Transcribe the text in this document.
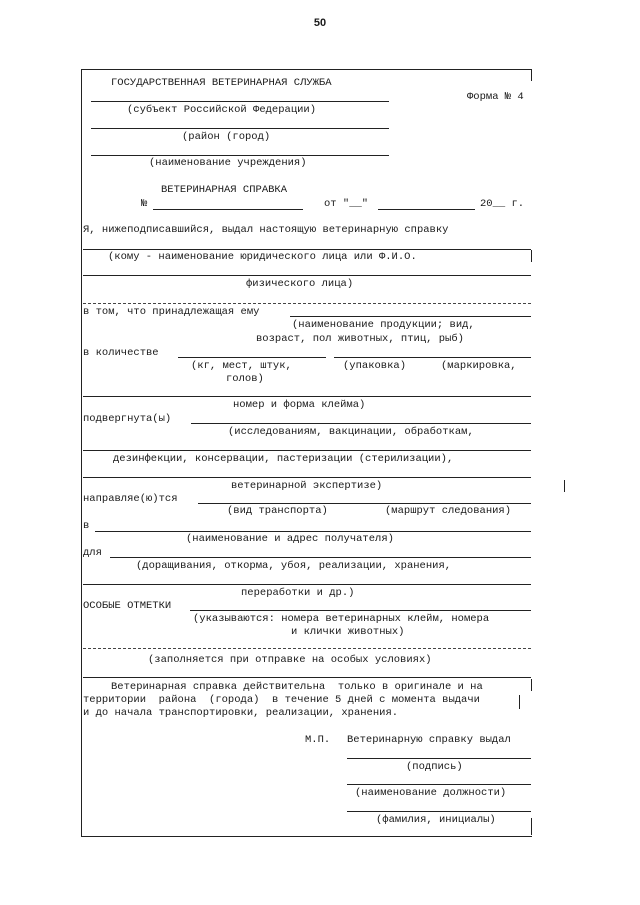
50
ГОСУДАРСТВЕННАЯ ВЕТЕРИНАРНАЯ СЛУЖБА
Форма № 4
(субъект Российской Федерации)
(район (город)
(наименование учреждения)
ВЕТЕРИНАРНАЯ СПРАВКА
№	от "__"	20__ г.
Я, нижеподписавшийся, выдал настоящую ветеринарную справку
(кому - наименование юридического лица или Ф.И.О.
физического лица)
в том, что принадлежащая ему
(наименование продукции; вид,
возраст, пол животных, птиц, рыб)
в количестве
(кг, мест, штук,	(упаковка)	(маркировка,
голов)
номер и форма клейма)
подвергнута(ы)
(исследованиям, вакцинации, обработкам,
дезинфекции, консервации, пастеризации (стерилизации),
ветеринарной экспертизе)
направляе(ю)тся
(вид транспорта)	(маршрут следования)
в
(наименование и адрес получателя)
для
(доращивания, откорма, убоя, реализации, хранения,
переработки и др.)
ОСОБЫЕ ОТМЕТКИ
(указываются: номера ветеринарных клейм, номера
и клички животных)
(заполняется при отправке на особых условиях)
Ветеринарная справка действительна  только в оригинале и на
территории  района  (города)  в течение 5 дней с момента выдачи
и до начала транспортировки, реализации, хранения.
М.П. Ветеринарную справку выдал
(подпись)
(наименование должности)
(фамилия, инициалы)
